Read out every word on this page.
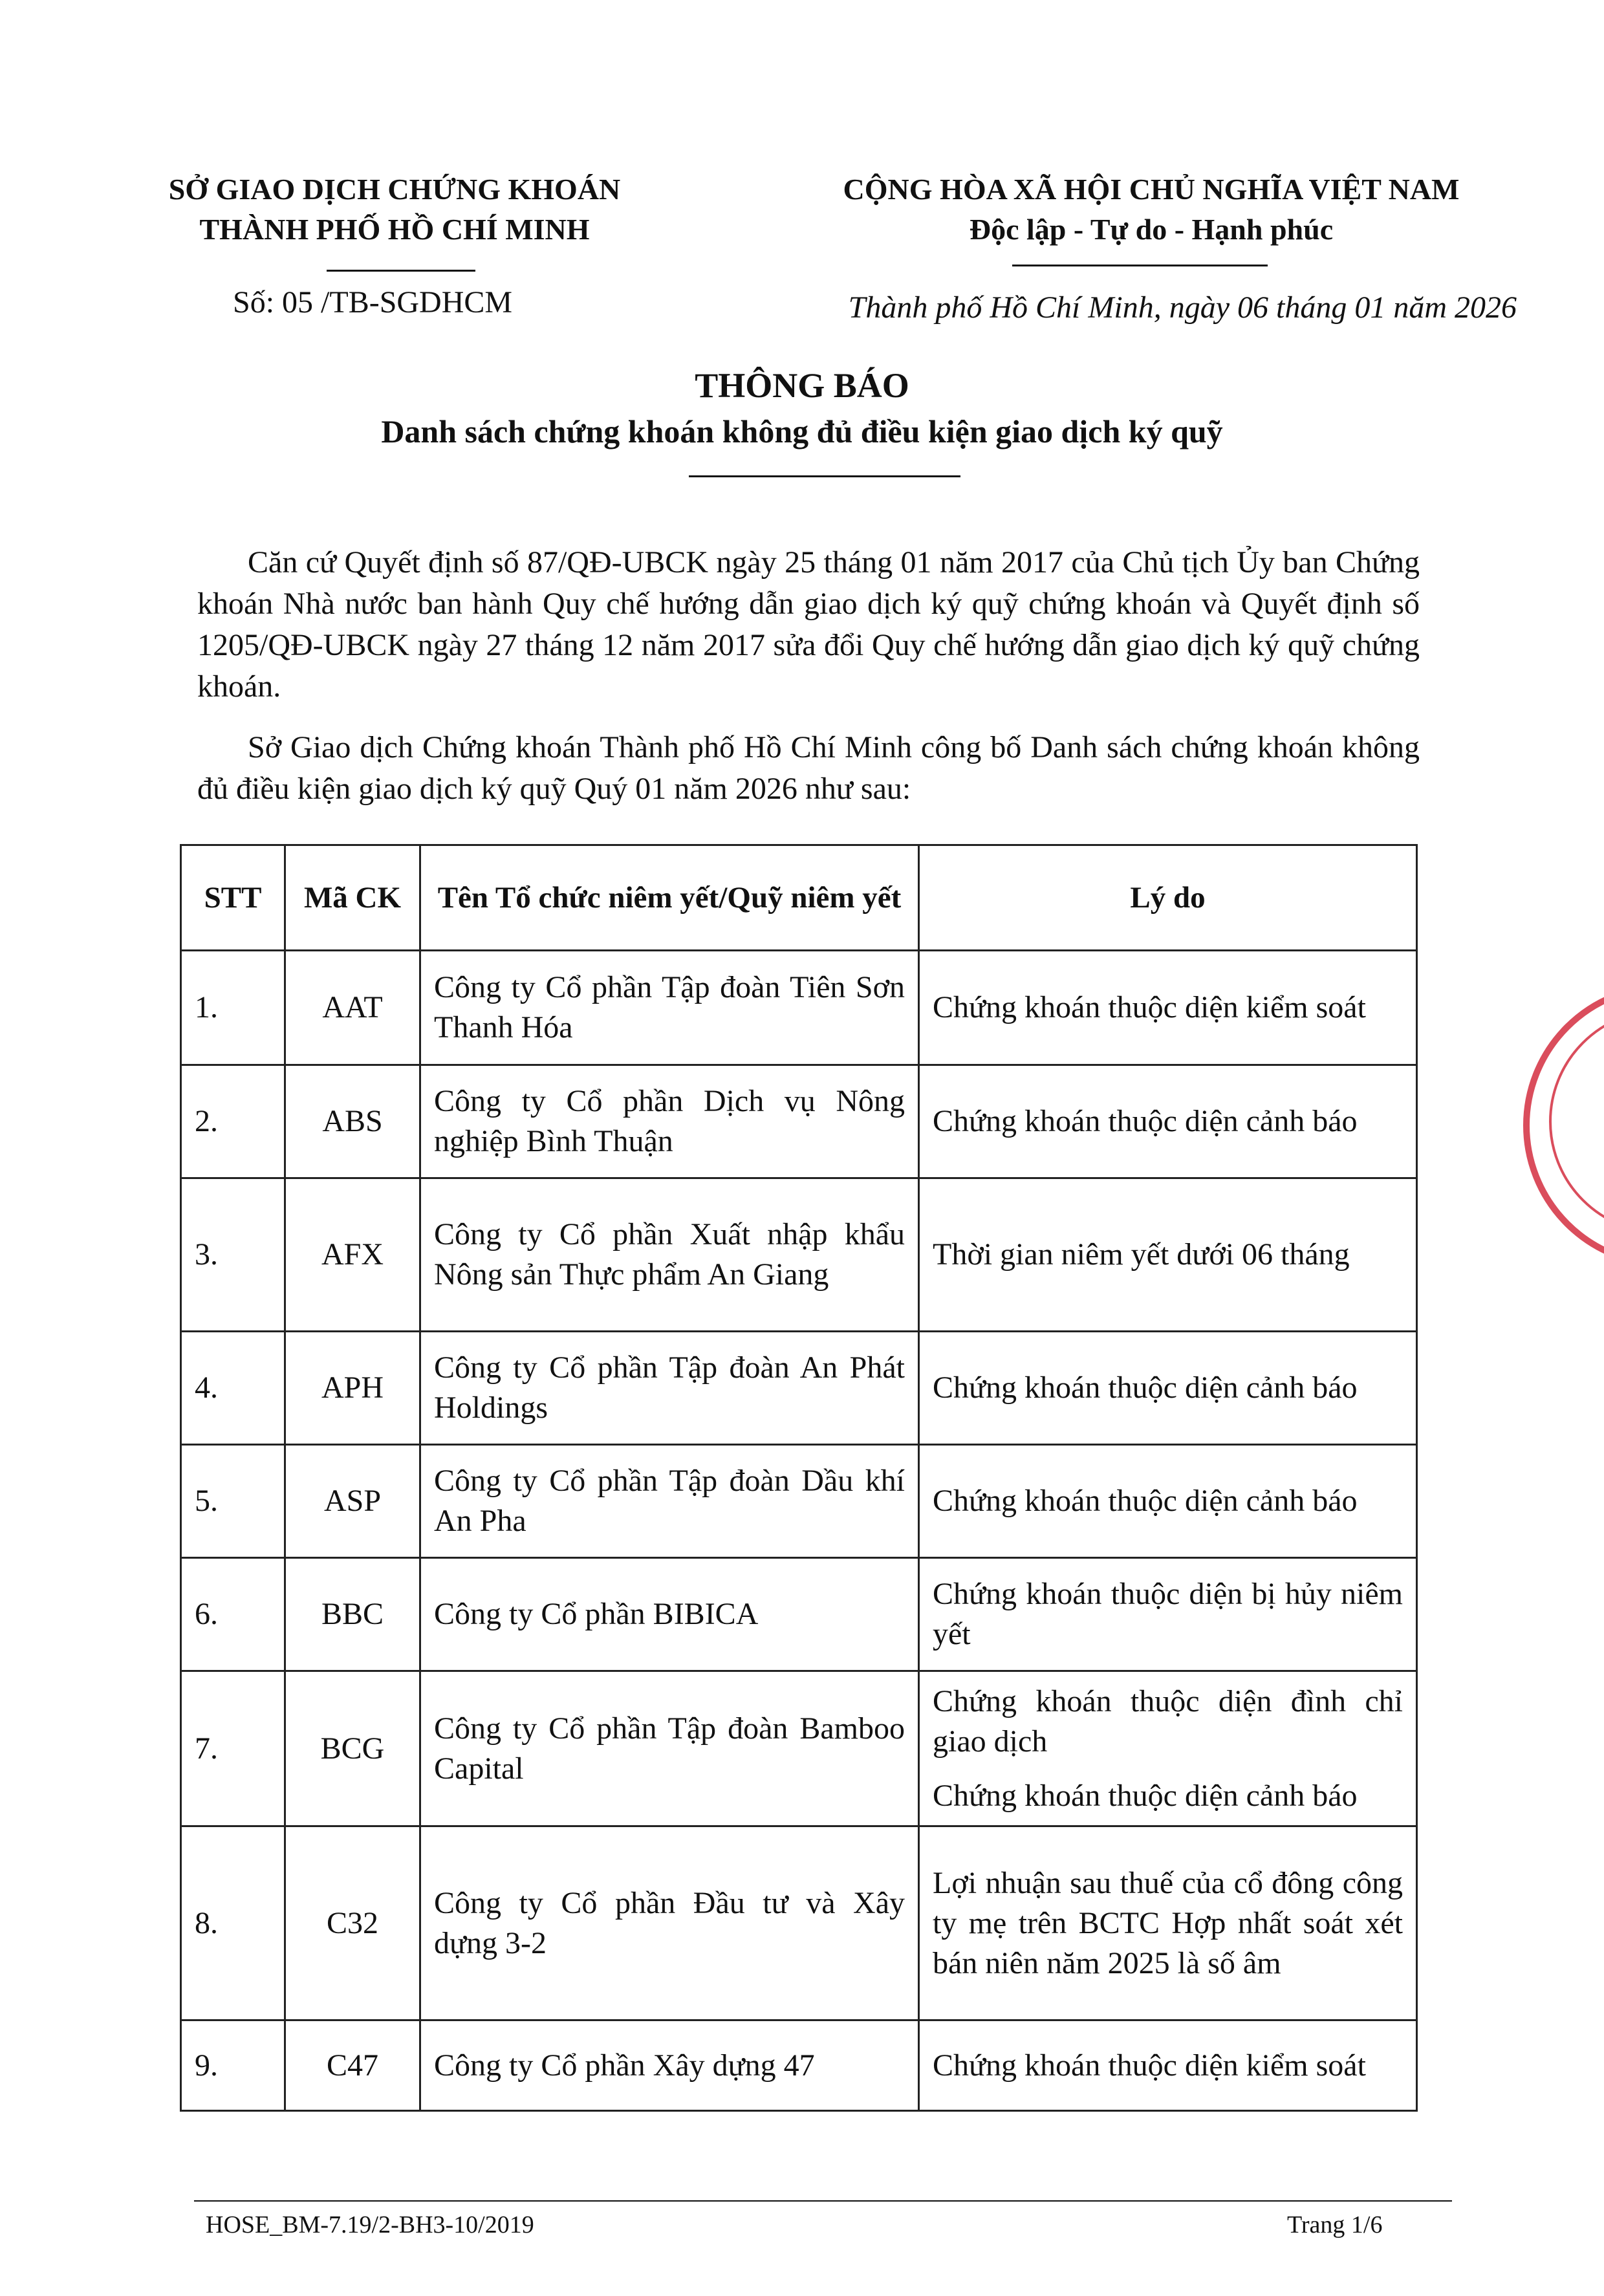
SỞ GIAO DỊCH CHỨNG KHOÁN
THÀNH PHỐ HỒ CHÍ MINH
CỘNG HÒA XÃ HỘI CHỦ NGHĨA VIỆT NAM
Độc lập - Tự do - Hạnh phúc
Số: 05 /TB-SGDHCM	Thành phố Hồ Chí Minh, ngày 06 tháng 01 năm 2026
THÔNG BÁO
Danh sách chứng khoán không đủ điều kiện giao dịch ký quỹ
Căn cứ Quyết định số 87/QĐ-UBCK ngày 25 tháng 01 năm 2017 của Chủ tịch Ủy ban Chứng khoán Nhà nước ban hành Quy chế hướng dẫn giao dịch ký quỹ chứng khoán và Quyết định số 1205/QĐ-UBCK ngày 27 tháng 12 năm 2017 sửa đổi Quy chế hướng dẫn giao dịch ký quỹ chứng khoán.
Sở Giao dịch Chứng khoán Thành phố Hồ Chí Minh công bố Danh sách chứng khoán không đủ điều kiện giao dịch ký quỹ Quý 01 năm 2026 như sau:
STT	Mã CK	Tên Tổ chức niêm yết/Quỹ niêm yết	Lý do
1.	AAT	Công ty Cổ phần Tập đoàn Tiên Sơn Thanh Hóa	Chứng khoán thuộc diện kiểm soát

2.	ABS	Công ty Cổ phần Dịch vụ Nông nghiệp Bình Thuận	Chứng khoán thuộc diện cảnh báo

3.	AFX	Công ty Cổ phần Xuất nhập khẩu Nông sản Thực phẩm An Giang	Thời gian niêm yết dưới 06 tháng

4.	APH	Công ty Cổ phần Tập đoàn An Phát Holdings	Chứng khoán thuộc diện cảnh báo

5.	ASP	Công ty Cổ phần Tập đoàn Dầu khí An Pha	Chứng khoán thuộc diện cảnh báo

6.	BBC	Công ty Cổ phần BIBICA	Chứng khoán thuộc diện bị hủy niêm yết

7.	BCG	Công ty Cổ phần Tập đoàn Bamboo Capital	Chứng khoán thuộc diện đình chỉ giao dịch
Chứng khoán thuộc diện cảnh báo

8.	C32	Công ty Cổ phần Đầu tư và Xây dựng 3-2	Lợi nhuận sau thuế của cổ đông công ty mẹ trên BCTC Hợp nhất soát xét bán niên năm 2025 là số âm

9.	C47	Công ty Cổ phần Xây dựng 47	Chứng khoán thuộc diện kiểm soát
HOSE_BM-7.19/2-BH3-10/2019	Trang 1/6
